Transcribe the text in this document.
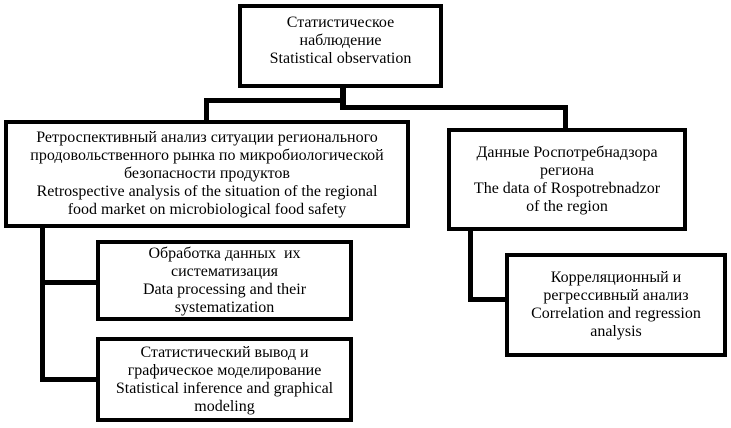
Статистическое
наблюдение
Statistical observation
Ретроспективный анализ ситуации регионального
продовольственного рынка по микробиологической
безопасности продуктов
Retrospective analysis of the situation of the regional
food market on microbiological food safety
Данные Роспотребнадзора
региона
The data of Rospotrebnadzor
of the region
Обработка данных  их
систематизация
Data processing and their
systematization
Статистический вывод и
графическое моделирование
Statistical inference and graphical
modeling
Корреляционный и
регрессивный анализ
Correlation and regression
analysis
